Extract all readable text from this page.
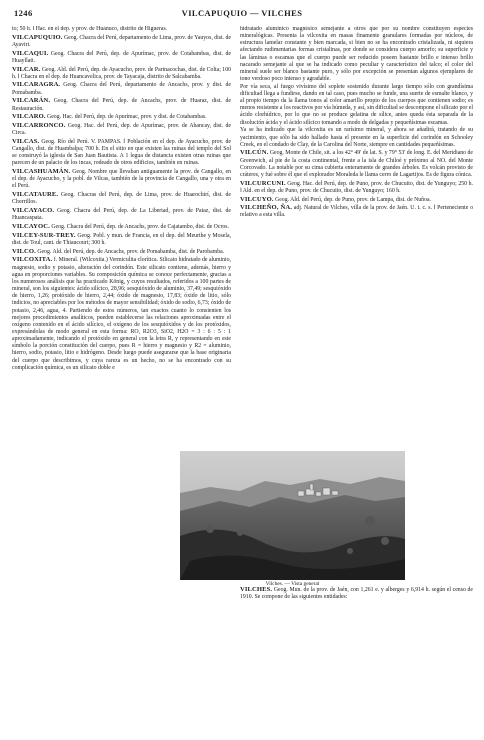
1246	VILCAPUQUIO — VILCHES

to; 50 h. ‖ Hac. en el dep. y prov. de Huánuco, distrito de Higueras.

VILCAPUQUIO. Geog. Chacra del Perú, departamento de Lima, prov. de Yauyos, dist. de Ayaviri.

VILCAQUI. Geog. Chacra del Perú, dep. de Apurímac, prov. de Cotabambas, dist. de Huayllati.

VILCAR. Geog. Ald. del Perú, dep. de Ayacucho, prov. de Parinacochas, dist. de Colta; 100 h. ‖ Chacra en el dep. de Huancavelica, prov. de Tayacaja, distrito de Salcabamba.

VILCARAGRA. Geog. Chacra del Perú, departamento de Ancachs, prov. y dist. de Pomabamba.

VILCARÁN. Geog. Chacra del Perú, dep. de Ancachs, prov. de Huaraz, dist. de Restauración.

VILCARO. Geog. Hac. del Perú, dep. de Apurímac, prov. y dist. de Cotabambas.

VILCARRONCO. Geog. Hac. del Perú, dep. de Apurímac, prov. de Abancay, dist. de Circa.

VILCAS. Geog. Río del Perú. V. PAMPAS. ‖ Población en el dep. de Ayacucho, prov. de Cangallo, dist. de Huambalpa; 700 h. En el sitio en que existen las ruinas del templo del Sol se construyó la iglesia de San Juan Bautista. A 1 legua de distancia existen otras ruinas que parecen de un palacio de los incas, rodeado de otros edificios, también en ruinas.

VILCASHUAMÁN. Geog. Nombre que llevaban antiguamente la prov. de Cangallo, en el dep. de Ayacucho, y la pobl. de Vilcas, también de la provincia de Cangallo, una y otra en el Perú.

VILCATAURE. Geog. Chacras del Perú, dep. de Lima, prov. de Huarochirí, dist. de Chorrillos.

VILCAYACO. Geog. Chacra del Perú, dep. de La Libertad, prov. de Pataz, dist. de Huancaspata.

VILCAYOC. Geog. Chacra del Perú, dep. de Ancachs, prov. de Cajatambo, dist. de Ocros.

VILCEY-SUR-TREY. Geog. Pobl. y mun. de Francia, en el dep. del Meurthe y Mosela, dist. de Toul, cant. de Thiaucourt; 300 h.

VILCO. Geog. Ald. del Perú, dep. de Ancachs, prov. de Pomabamba, dist. de Parobamba.

VILCOXITA. f. Mineral. (Wilcoxita.) Vermiculita clorítica. Silicato hidratado de aluminio, magnesio, sodio y potasio, alteración del corindón. Este silicato contiene, además, hierro y agua en proporciones variables. Su composición química se conoce perfectamente, gracias a los numerosos análisis que ha practicado König, y cuyos resultados, referidos a 100 partes de mineral, son los siguientes: ácido silícico, 28,96; sesquióxido de aluminio, 37,49; sesquióxido de hierro, 1,26; protóxido de hierro, 2,44; óxido de magnesio, 17,83; óxido de litio, sólo indicios, no apreciables por los métodos de mayor sensibilidad; óxido de sodio, 6,73; óxido de potasio, 2,46, agua, 4. Partiendo de estos números, tan exactos cuanto lo consienten los mejores procedimientos analíticos, pueden establecerse las relaciones aproximadas entre el oxígeno contenido en el ácido silícico, el oxígeno de los sesquióxidos y de los protóxidos, expresándolas de modo general en esta forma: RO, R2O3, SiO2, H2O = 3 : 6 : 5 : 1 aproximadamente, indicando el protóxido en general con la letra R, y representando en este símbolo la porción constitución del cuerpo, pues R = hierro y magnesio y R2 = aluminio, hierro, sodio, potasio, litio e hidrógeno. Desde luego puede asegurarse que la base originaria del cuerpo que describimos, y cuya rareza es un hecho, no se ha encontrado con su complicación química, es un silicato doble e

hidratado aluminico magnésico semejante a otros que por su nombre constituyen especies mineralógicas. Presenta la vilcoxita en masas finamente granulares formadas por núcleos, de estructura lamelar constante y bien marcada, si bien no se ha encontrado cristalizada, ni siquiera afectando rudimentarias formas cristalinas, por donde se considera cuerpo amorfo; su superficie y las láminas o escamas que el cuerpo puede ser reducido poseen bastante brillo e intenso brillo nacarado semejante al que se ha indicado como peculiar y característico del talco; el color del mineral suele ser blanco bastante puro, y sólo por excepción se presentan algunos ejemplares de tono verdoso poco intenso y agradable.

Por vía seca, al fuego vivísimo del soplete sostenido durante largo tiempo sólo con grandísima dificultad llega a fundirse, dando en tal caso, pues mucho se funde, una suerte de esmalte blanco, y al propio tiempo da la llama tonos al color amarillo propio de los cuerpos que contienen sodio; es menos resistente a los reactivos por vía húmeda, y así, sin dificultad se descompone el silicato por el ácido clorhídrico, por lo que no se produce gelatina de sílice, antes queda ésta separada de la disolución ácida y el ácido silícico tomando a modo de delgadas y pequeñísimas escamas.

Ya se ha indicado que la vilcoxita es un rarísimo mineral, y ahora se añadirá, tratando de su yacimiento, que sólo ha sido hallado hasta el presente en la superficie del corindón en Schooley Creek, en el condado de Clay, de la Carolina del Norte, siempre en cantidades pequeñísimas.

VILCÚN. Geog. Monte de Chile, sit. a los 42° 49' de lat. S. y 79° 53' de long. E. del Meridiano de Greenwich, al pie de la costa continental, frente a la isla de Chiloé y próximo al NO. del Monte Corcovado. La notable por su cima cubierta enteramente de grandes árboles. Es volcán provisto de cráteres, y fué sobre él que el explorador Moraleda le llama cerro de Lagartijos. Es de figura cónica.

VILCURCUNI. Geog. Hac. del Perú, dep. de Puno, prov. de Chucuito, dist. de Yunguyo; 250 h. ‖ Ald. en el dep. de Puno, prov. de Chucuito, dist. de Yunguyo; 160 h.

VILCUYO. Geog. Ald. del Perú, dep. de Puno, prov. de Lampa, dist. de Nuñoa.

VILCHEÑO, ÑA. adj. Natural de Vilches, villa de la prov. de Jaén. U. t. c. s. ‖ Perteneciente o relativo a esta villa.

Vilches. — Vista general

VILCHES. Geog. Mun. de la prov. de Jaén, con 1,261 e. y alberges y 6,914 h. según el censo de 1910. Se compone de las siguientes entidades:
